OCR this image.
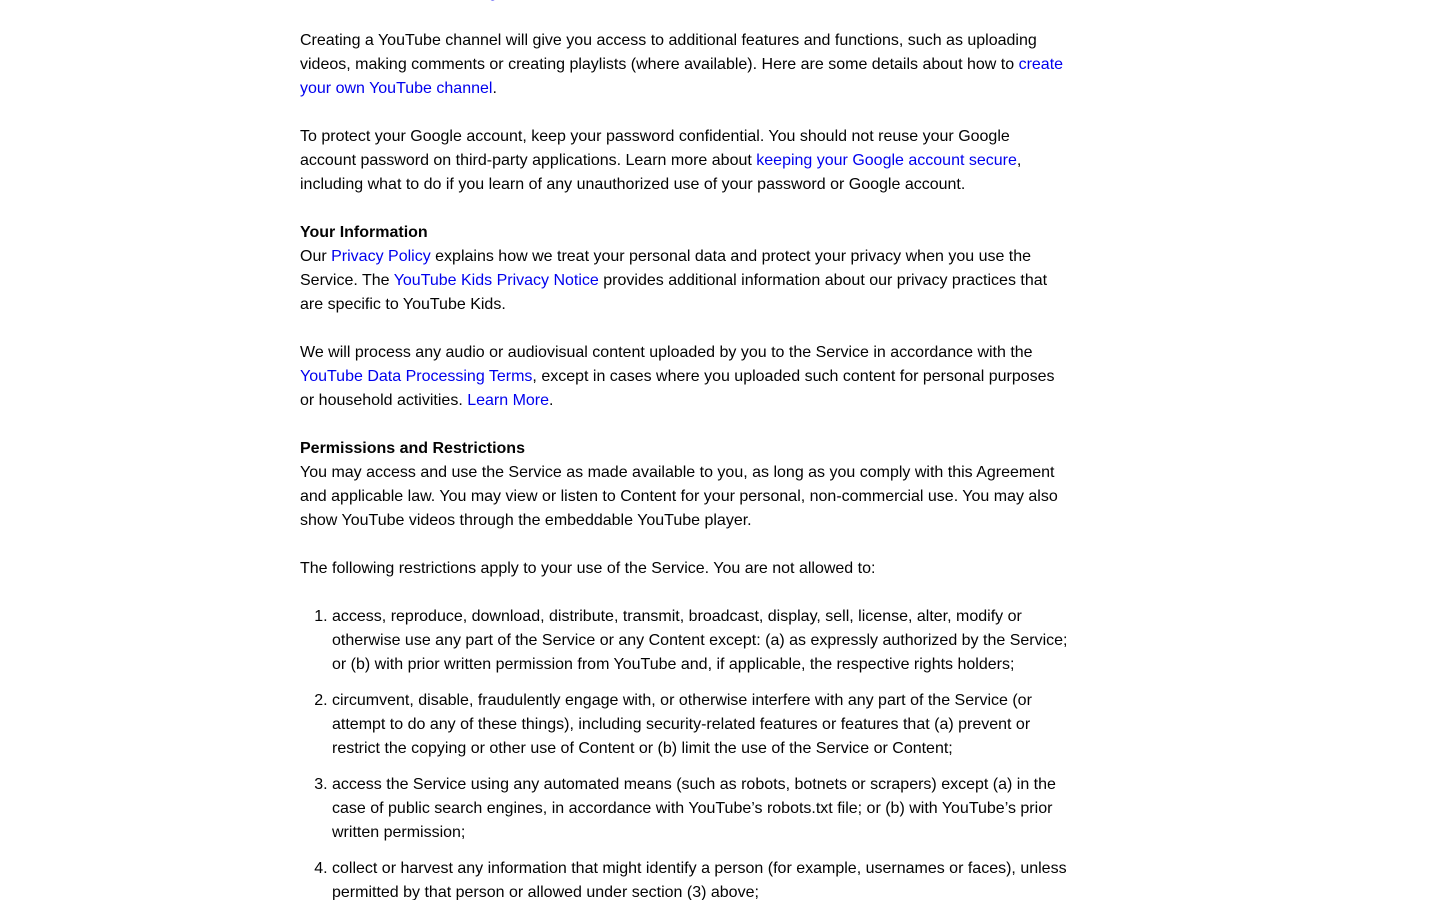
Creating a YouTube channel will give you access to additional features and functions, such as uploading videos, making comments or creating playlists (where available). Here are some details about how to create your own YouTube channel.

To protect your Google account, keep your password confidential. You should not reuse your Google account password on third-party applications. Learn more about keeping your Google account secure, including what to do if you learn of any unauthorized use of your password or Google account.

Your Information

Our Privacy Policy explains how we treat your personal data and protect your privacy when you use the Service. The YouTube Kids Privacy Notice provides additional information about our privacy practices that are specific to YouTube Kids.

We will process any audio or audiovisual content uploaded by you to the Service in accordance with the YouTube Data Processing Terms, except in cases where you uploaded such content for personal purposes or household activities. Learn More.

Permissions and Restrictions

You may access and use the Service as made available to you, as long as you comply with this Agreement and applicable law. You may view or listen to Content for your personal, non-commercial use. You may also show YouTube videos through the embeddable YouTube player.

The following restrictions apply to your use of the Service. You are not allowed to:

1. access, reproduce, download, distribute, transmit, broadcast, display, sell, license, alter, modify or otherwise use any part of the Service or any Content except: (a) as expressly authorized by the Service; or (b) with prior written permission from YouTube and, if applicable, the respective rights holders;
2. circumvent, disable, fraudulently engage with, or otherwise interfere with any part of the Service (or attempt to do any of these things), including security-related features or features that (a) prevent or restrict the copying or other use of Content or (b) limit the use of the Service or Content;
3. access the Service using any automated means (such as robots, botnets or scrapers) except (a) in the case of public search engines, in accordance with YouTube’s robots.txt file; or (b) with YouTube’s prior written permission;
4. collect or harvest any information that might identify a person (for example, usernames or faces), unless permitted by that person or allowed under section (3) above;
